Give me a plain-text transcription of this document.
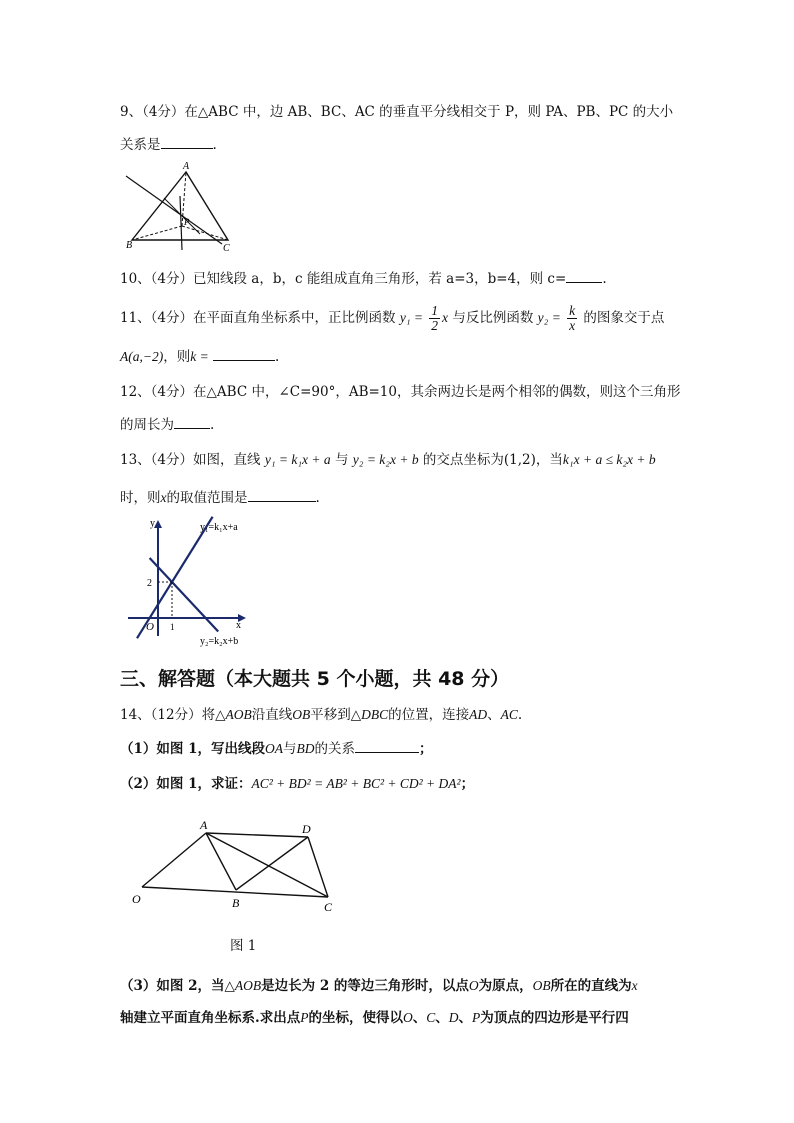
9、（4分）在△ABC 中，边 AB、BC、AC 的垂直平分线相交于 P，则 PA、PB、PC 的大小
关系是	.
A
B	C
P
10、（4分）已知线段 a，b，c 能组成直角三角形，若 a=3，b=4，则 c=	.
11、（4分）在平面直角坐标系中，正比例函数 $y_1 = \frac{1}{2}$ x 与反比例函数 $y_2 = \frac{k}{x}$ 的图象交于点
A(a,−2)，则k =	.
12、（4分）在△ABC 中，∠C=90°，AB=10，其余两边长是两个相邻的偶数，则这个三角形
的周长为	.
13、（4分）如图，直线 y₁ = k₁x + a 与 y₂ = k₂x + b 的交点坐标为(1,2)，当k₁x + a ≤ k₂x + b
时，则x的取值范围是	.
y
x
O
2
1
y₁=k₁x+a
y₂=k₂x+b
三、解答题（本大题共 5 个小题，共 48 分）
14、（12分）将△AOB沿直线OB平移到△DBC的位置，连接AD、AC.
（1）如图 1，写出线段OA与BD的关系	；
（2）如图 1，求证：AC² + BD² = AB² + BC² + CD² + DA²；
A	D
O	B	C
图 1
（3）如图 2，当△AOB是边长为 2 的等边三角形时，以点O为原点，OB所在的直线为x
轴建立平面直角坐标系.求出点P的坐标，使得以O、C、D、P为顶点的四边形是平行四
